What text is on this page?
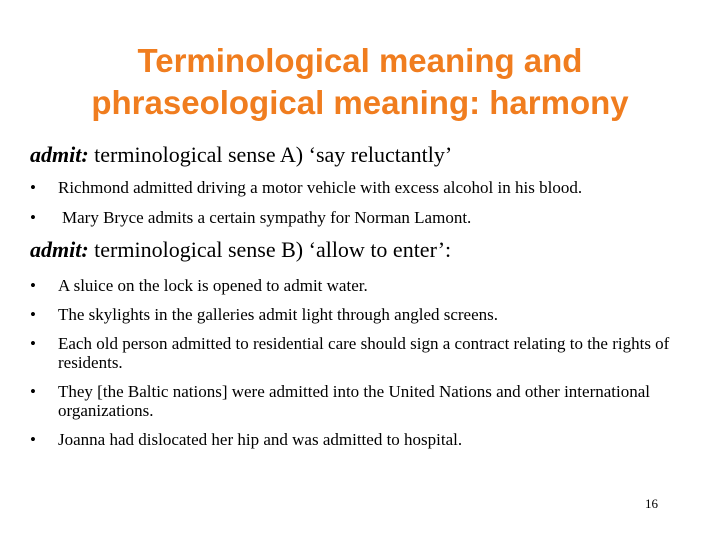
Terminological meaning and
phraseological meaning: harmony
admit: terminological sense A) ‘say reluctantly’
• Richmond admitted driving a motor vehicle with excess alcohol in his blood.
• Mary Bryce admits a certain sympathy for Norman Lamont.
admit: terminological sense B) ‘allow to enter’:
• A sluice on the lock is opened to admit water.
• The skylights in the galleries admit light through angled screens.
• Each old person admitted to residential care should sign a contract relating to the rights of residents.
• They [the Baltic nations] were admitted into the United Nations and other international organizations.
• Joanna had dislocated her hip and was admitted to hospital.
16
